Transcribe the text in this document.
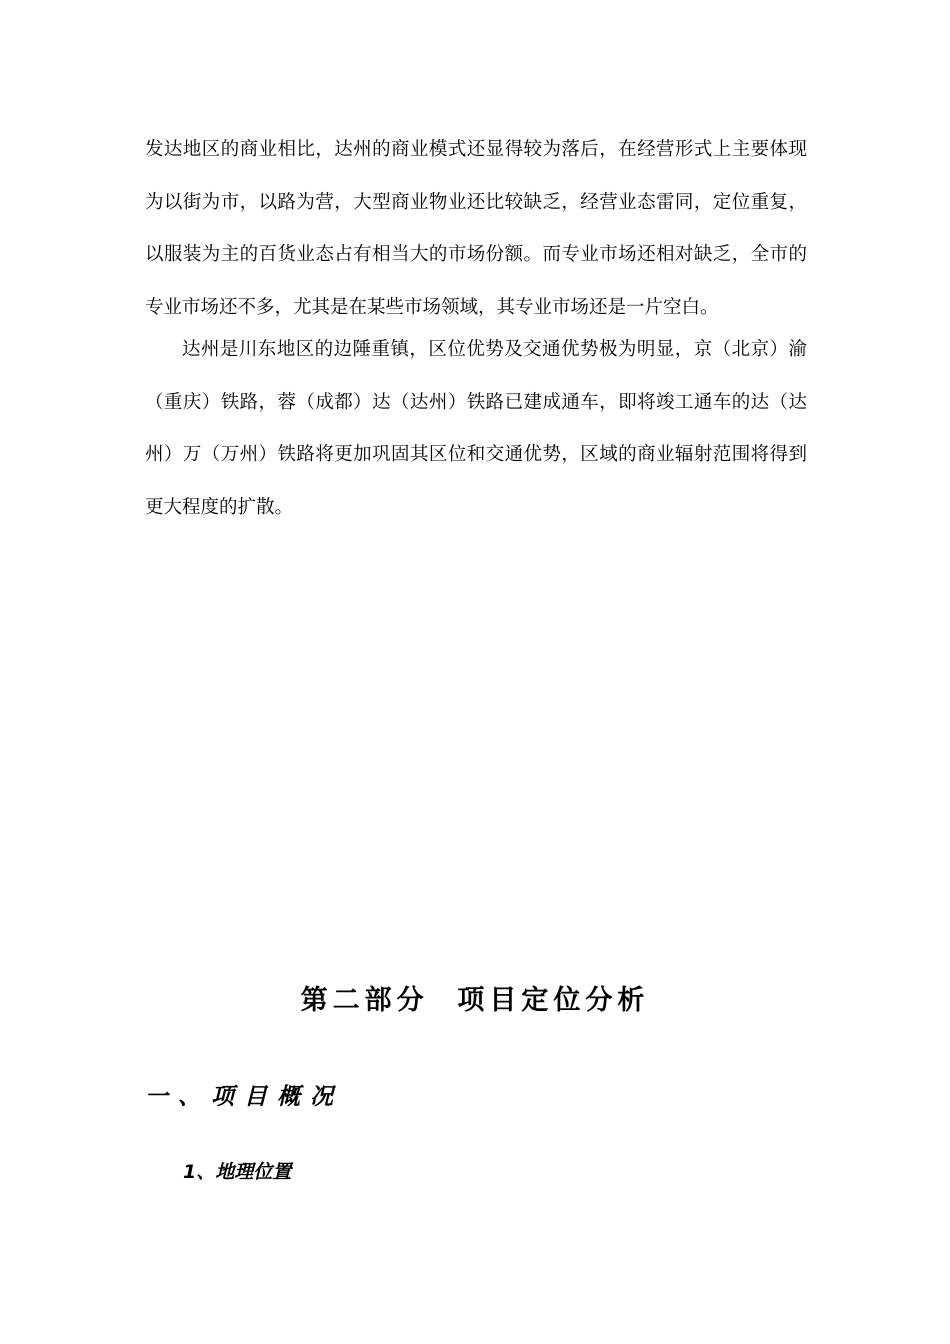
发达地区的商业相比，达州的商业模式还显得较为落后，在经营形式上主要体现为以街为市，以路为营，大型商业物业还比较缺乏，经营业态雷同，定位重复，以服装为主的百货业态占有相当大的市场份额。而专业市场还相对缺乏，全市的专业市场还不多，尤其是在某些市场领域，其专业市场还是一片空白。

达州是川东地区的边陲重镇，区位优势及交通优势极为明显，京（北京）渝（重庆）铁路，蓉（成都）达（达州）铁路已建成通车，即将竣工通车的达（达州）万（万州）铁路将更加巩固其区位和交通优势，区域的商业辐射范围将得到更大程度的扩散。

第二部分  项目定位分析
一、项目概况
1、地理位置
